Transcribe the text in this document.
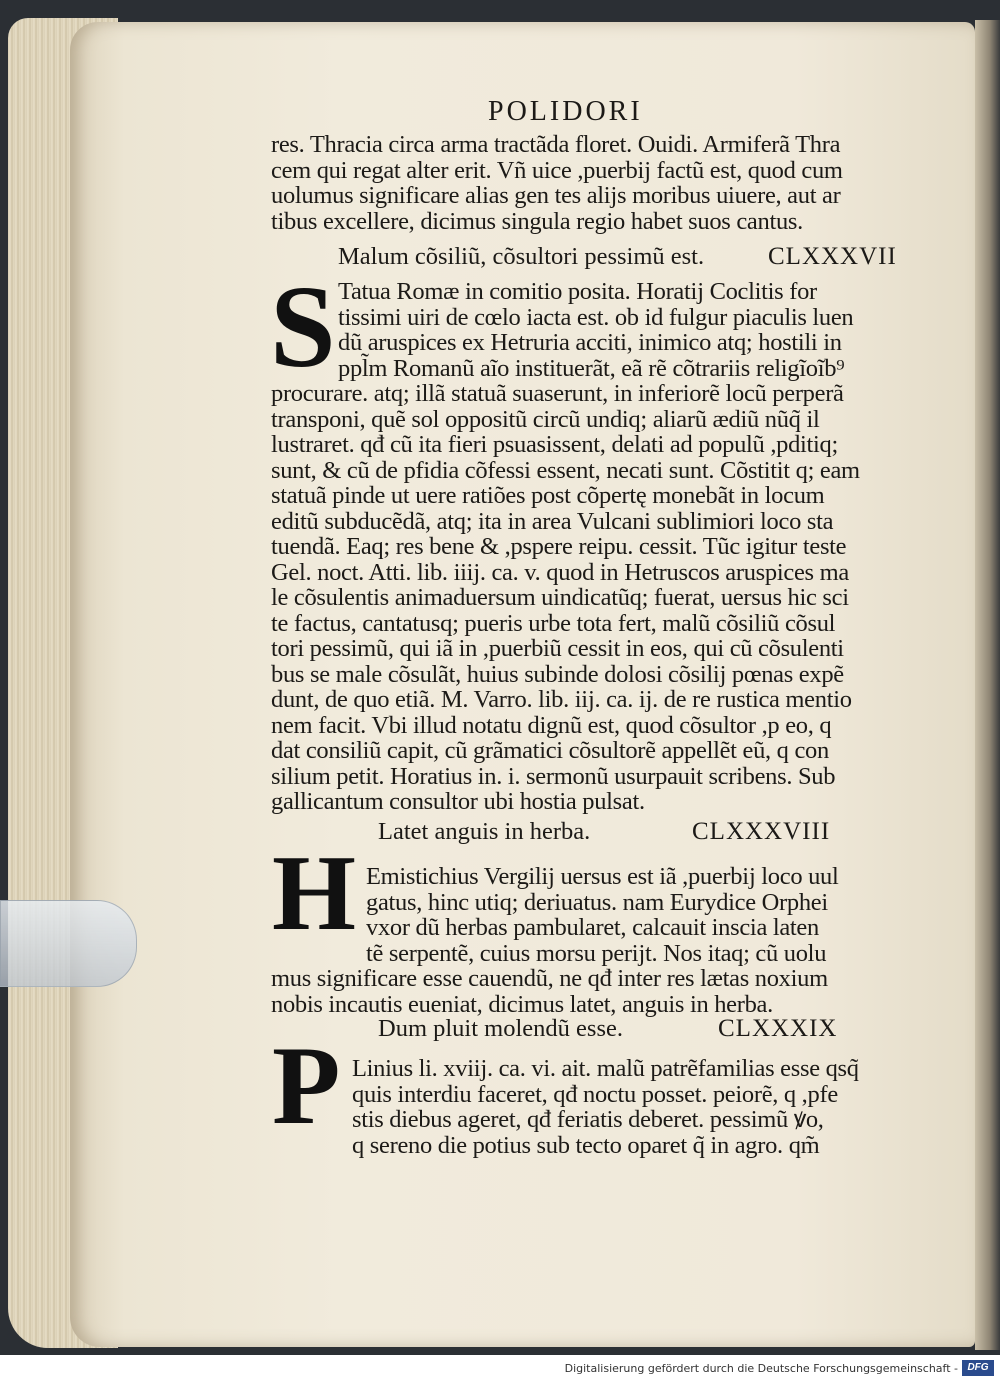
POLIDORI
res. Thracia circa arma tractãda floret. Ouidi. Armiferã Thra
cem qui regat alter erit. Vñ uice ,puerbĳ factũ est, quod cum
uolumus significare alias gen tes alĳs moribus uiuere, aut ar
tibus excellere, dicimus singula regio habet suos cantus.
Malum cõsiliũ, cõsultori pessimũ est.	CLXXXVII
S Tatua Romæ in comitio posita. Horatĳ Coclitis for
tissimi uiri de cœlo iacta est. ob id fulgur piaculis luen
dũ aruspices ex Hetruria acciti, inimico atq; hostili in
ppl̃m Romanũ aĩo instituerãt, eã rẽ cõtrariis religĩoĩb⁹
procurare. atq; illã statuã suaserunt, in inferiorẽ locũ perperã
transponi, quẽ sol oppositũ circũ undiq; aliarũ ædiũ nũq̃ il
lustraret. qđ cũ ita fieri psuasissent, delati ad populũ ,pditiq;
sunt, & cũ de pfidia cõfessi essent, necati sunt. Cõstitit q; eam
statuã pinde ut uere ratiões post cõpertę monebãt in locum
editũ subducẽdã, atq; ita in area Vulcani sublimiori loco sta
tuendã. Eaq; res bene & ,pspere reipu. cessit. Tũc igitur teste
Gel. noct. Atti. lib. iiĳ. ca. v. quod in Hetruscos aruspices ma
le cõsulentis animaduersum uindicatũq; fuerat, uersus hic sci
te factus, cantatusq; pueris urbe tota fert, malũ cõsiliũ cõsul
tori pessimũ, qui iã in ,puerbiũ cessit in eos, qui cũ cõsulenti
bus se male cõsulãt, huius subinde dolosi cõsilĳ pœnas expẽ
dunt, de quo etiã. M. Varro. lib. iĳ. ca. ĳ. de re rustica mentio
nem facit. Vbi illud notatu dignũ est, quod cõsultor ,p eo, q
dat consiliũ capit, cũ grãmatici cõsultorẽ appellẽt eũ, q con
silium petit. Horatius in. i. sermonũ usurpauit scribens. Sub
gallicantum consultor ubi hostia pulsat.
Latet anguis in herba.	CLXXXVIII
H Emistichius Vergilĳ uersus est iã ,puerbĳ loco uul
gatus, hinc utiq; deriuatus. nam Eurydice Orphei
vxor dũ herbas pambularet, calcauit inscia laten
tẽ serpentẽ, cuius morsu perĳt. Nos itaq; cũ uolu
mus significare esse cauendũ, ne qđ inter res lætas noxium
nobis incautis eueniat, dicimus latet, anguis in herba.
Dum pluit molendũ esse.	CLXXXIX
P Linius li. xviĳ. ca. vi. ait. malũ patrẽfamilias esse qsq̃
quis interdiu faceret, qđ noctu posset. peiorẽ, q ,pfe
stis diebus ageret, qđ feriatis deberet. pessimũ ꝟo,
q sereno die potius sub tecto oparet q̃ in agro. qm̃
Digitalisierung gefördert durch die Deutsche Forschungsgemeinschaft - DFG
